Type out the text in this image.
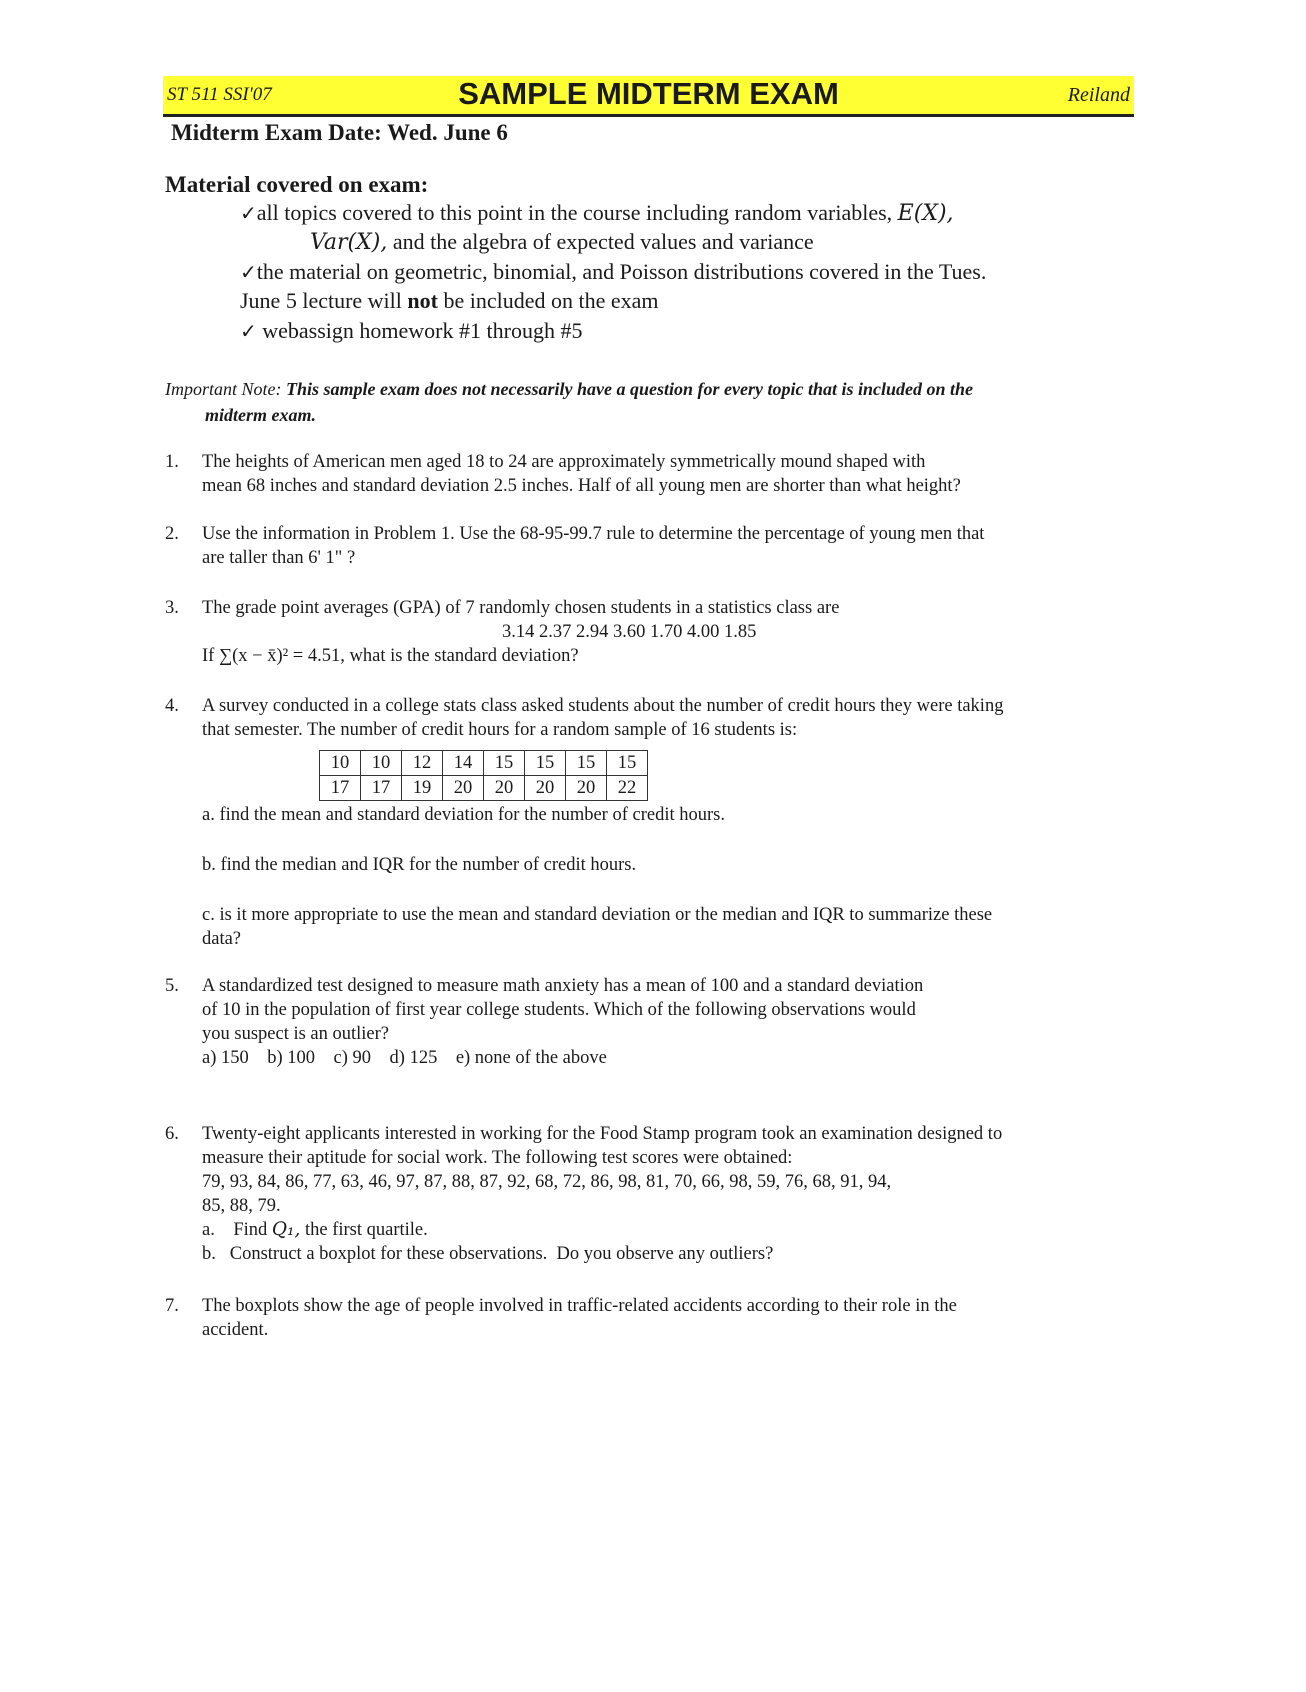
ST 511 SSI'07	SAMPLE MIDTERM EXAM	Reiland
Midterm Exam Date: Wed. June 6
Material covered on exam:
✓all topics covered to this point in the course including random variables, E(X),
Var(X), and the algebra of expected values and variance
✓the material on geometric, binomial, and Poisson distributions covered in the Tues.
June 5 lecture will not be included on the exam
✓ webassign homework #1 through #5
Important Note: This sample exam does not necessarily have a question for every topic that is included on the
midterm exam.
1. The heights of American men aged 18 to 24 are approximately symmetrically mound shaped with
mean 68 inches and standard deviation 2.5 inches. Half of all young men are shorter than what height?
2. Use the information in Problem 1. Use the 68-95-99.7 rule to determine the percentage of young men that
are taller than 6' 1" ?
3. The grade point averages (GPA) of 7 randomly chosen students in a statistics class are
3.14 2.37 2.94 3.60 1.70 4.00 1.85
If ∑(x − x̄)² = 4.51, what is the standard deviation?
4. A survey conducted in a college stats class asked students about the number of credit hours they were taking
that semester. The number of credit hours for a random sample of 16 students is:
10	10	12	14	15	15	15	15
17	17	19	20	20	20	20	22
a. find the mean and standard deviation for the number of credit hours.
b. find the median and IQR for the number of credit hours.
c. is it more appropriate to use the mean and standard deviation or the median and IQR to summarize these
data?
5. A standardized test designed to measure math anxiety has a mean of 100 and a standard deviation
of 10 in the population of first year college students. Which of the following observations would
you suspect is an outlier?
a) 150    b) 100    c) 90    d) 125    e) none of the above
6. Twenty-eight applicants interested in working for the Food Stamp program took an examination designed to
measure their aptitude for social work. The following test scores were obtained:
79, 93, 84, 86, 77, 63, 46, 97, 87, 88, 87, 92, 68, 72, 86, 98, 81, 70, 66, 98, 59, 76, 68, 91, 94,
85, 88, 79.
a.    Find Q₁, the first quartile.
b.   Construct a boxplot for these observations.  Do you observe any outliers?
7. The boxplots show the age of people involved in traffic-related accidents according to their role in the
accident.
